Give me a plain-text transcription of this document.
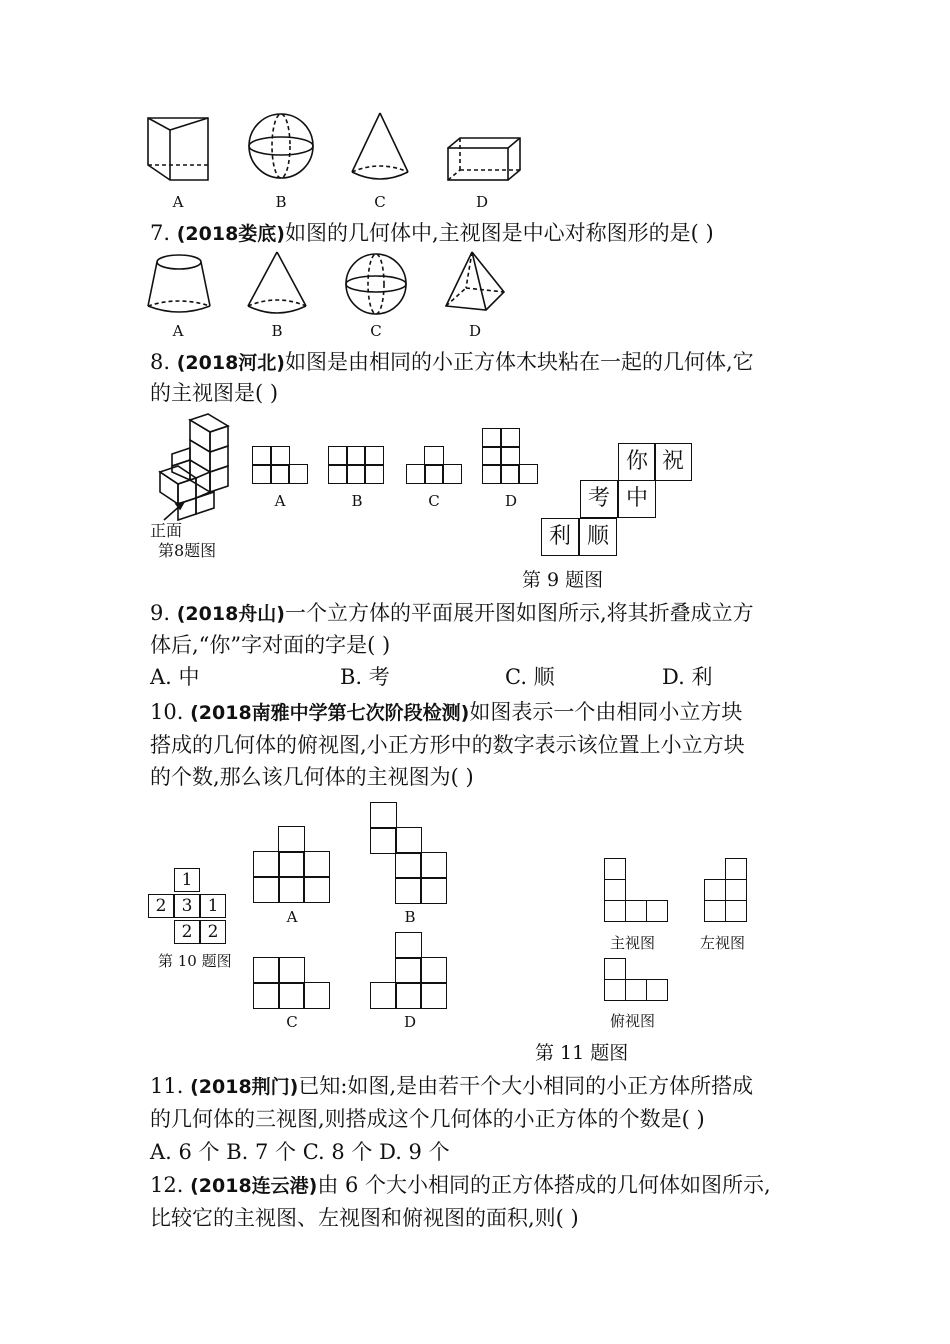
A	B	C	D
7. (2018娄底)如图的几何体中,主视图是中心对称图形的是( )
A	B	C	D
8. (2018河北)如图是由相同的小正方体木块粘在一起的几何体,它
的主视图是( )
正面
第8题图
A	B	C	D
你 祝
考 中
利 顺
第 9 题图
9. (2018舟山)一个立方体的平面展开图如图所示,将其折叠成立方
体后,“你”字对面的字是( )
A. 中	B. 考	C. 顺	D. 利
10. (2018南雅中学第七次阶段检测)如图表示一个由相同小立方块
搭成的几何体的俯视图,小正方形中的数字表示该位置上小立方块
的个数,那么该几何体的主视图为( )
1
2 3 1
2 2
第 10 题图
A	B
C	D
主视图	左视图
俯视图
第 11 题图
11. (2018荆门)已知:如图,是由若干个大小相同的小正方体所搭成
的几何体的三视图,则搭成这个几何体的小正方体的个数是( )
A. 6 个 B. 7 个 C. 8 个 D. 9 个
12. (2018连云港)由 6 个大小相同的正方体搭成的几何体如图所示,
比较它的主视图、左视图和俯视图的面积,则( )
